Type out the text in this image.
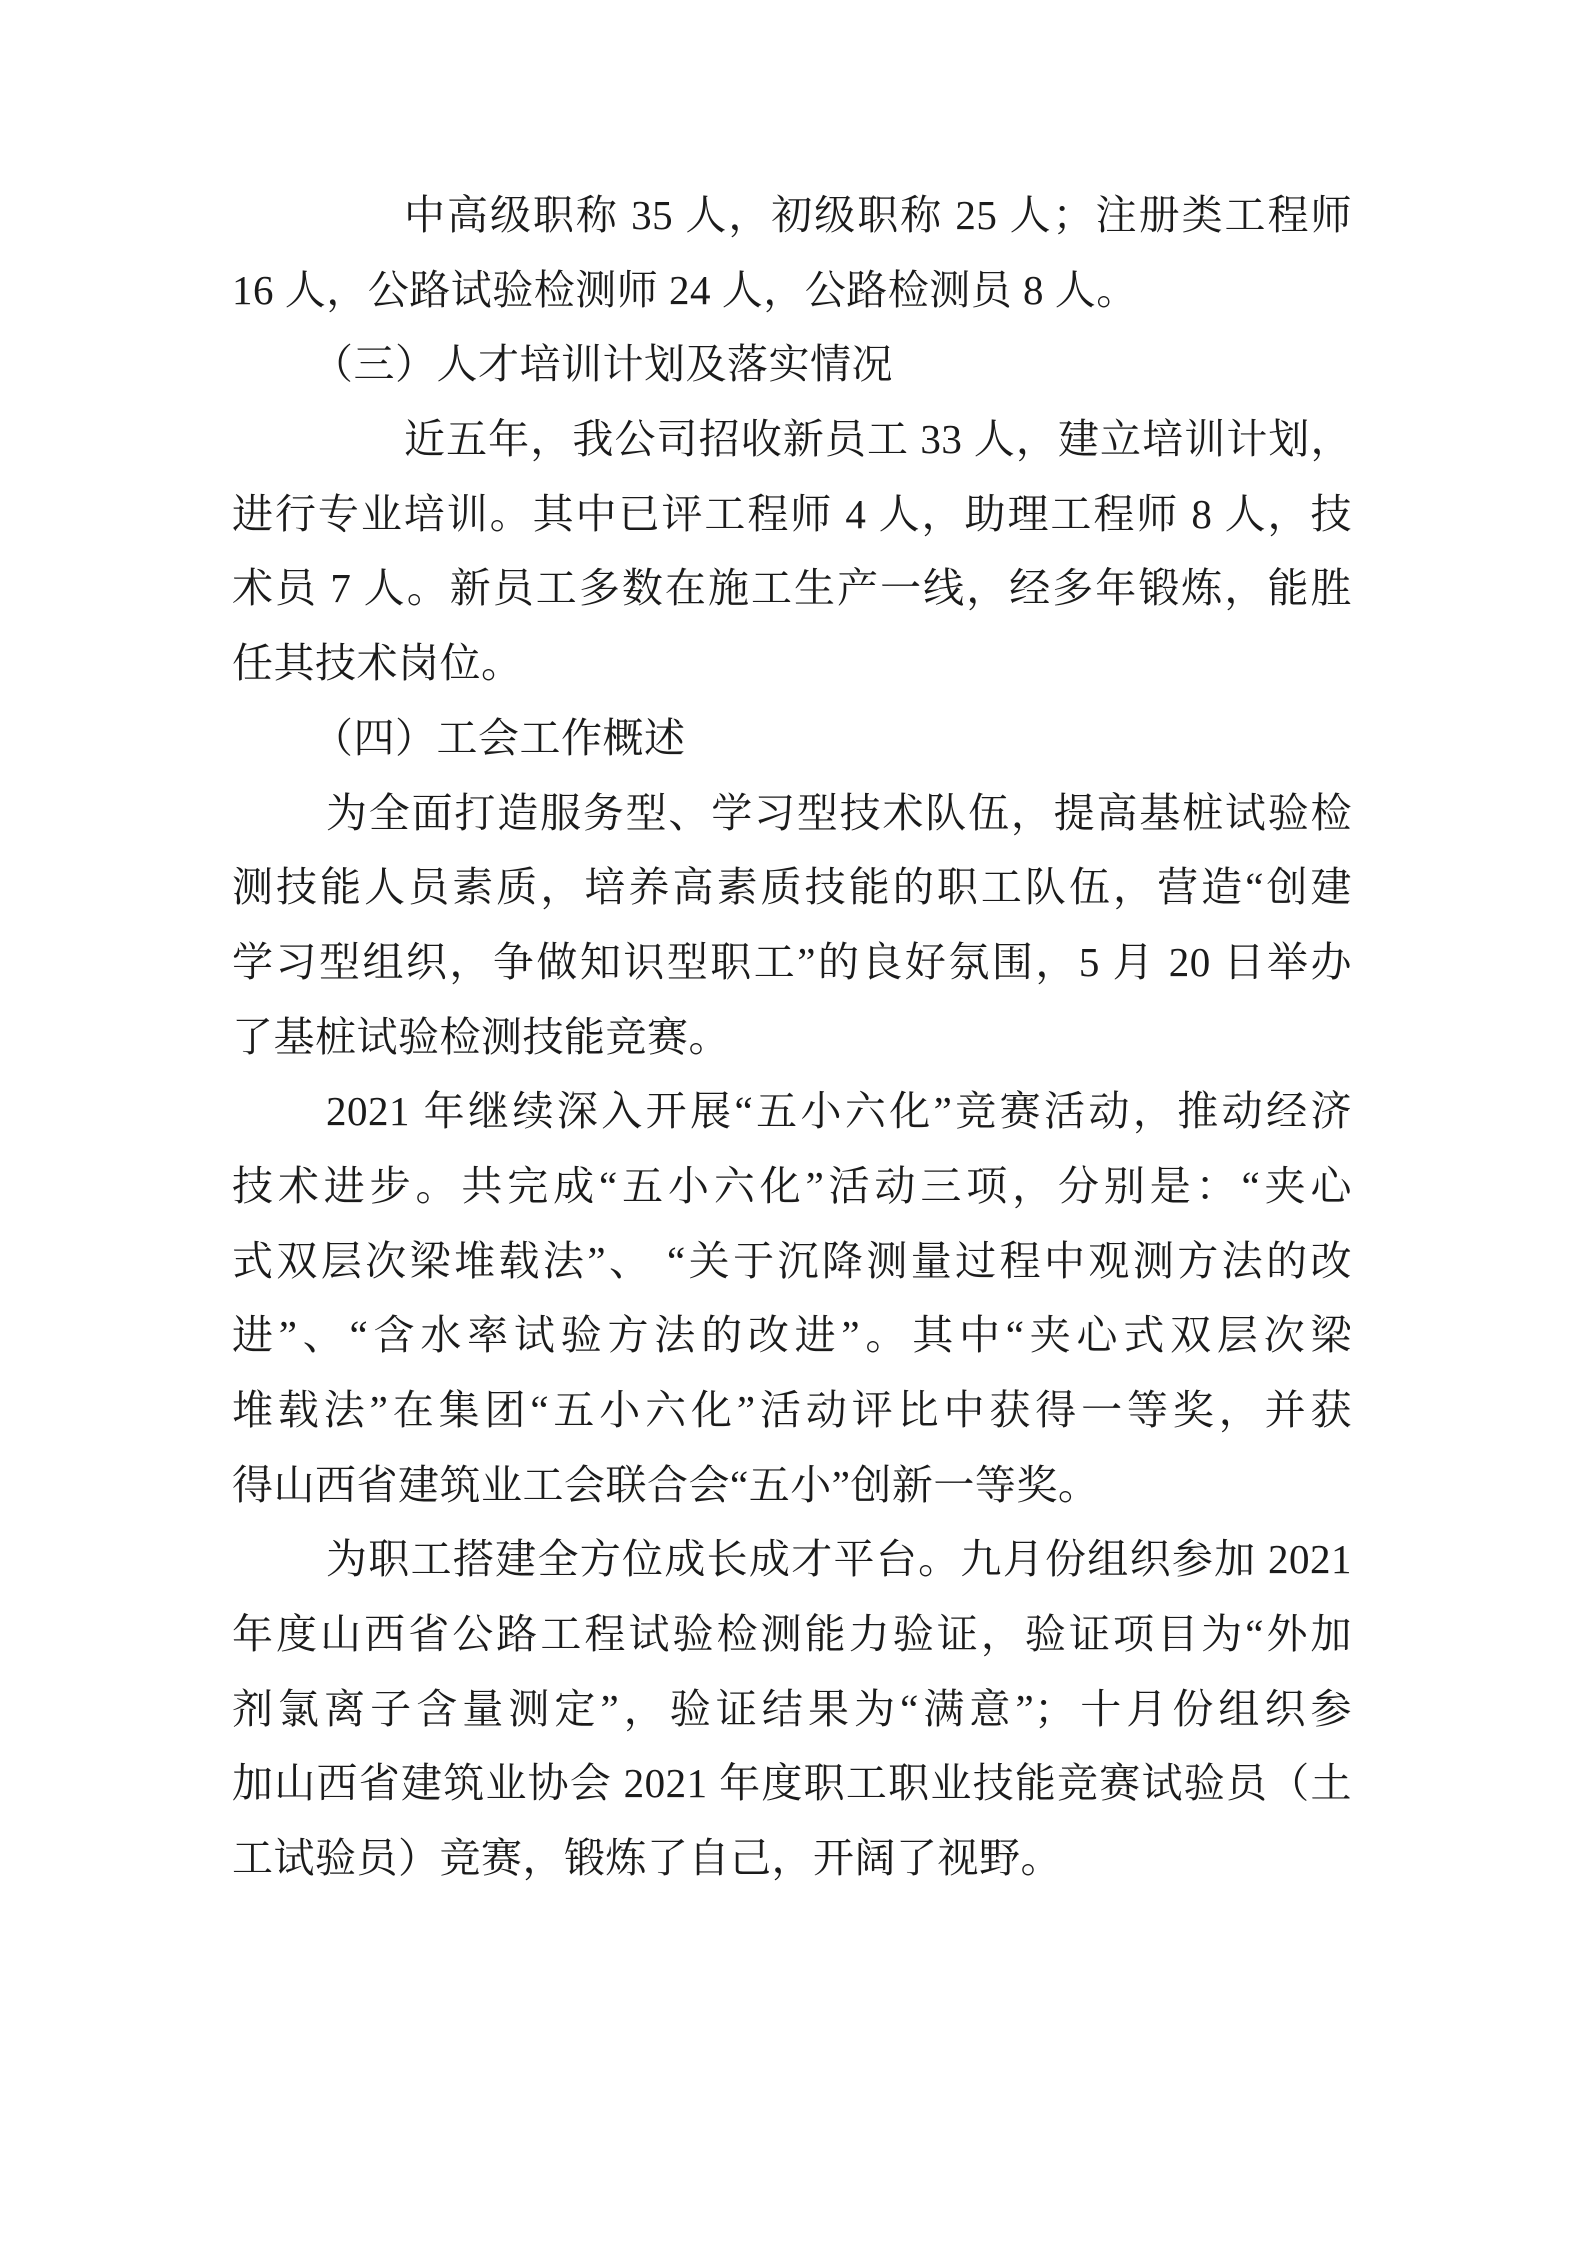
中高级职称 35 人，初级职称 25 人；注册类工程师
16 人，公路试验检测师 24 人，公路检测员 8 人。
（三）人才培训计划及落实情况
近五年，我公司招收新员工 33 人，建立培训计划，
进行专业培训。其中已评工程师 4 人，助理工程师 8 人，技
术员 7 人。新员工多数在施工生产一线，经多年锻炼，能胜
任其技术岗位。
（四）工会工作概述
为全面打造服务型、学习型技术队伍，提高基桩试验检
测技能人员素质，培养高素质技能的职工队伍，营造“创建
学习型组织，争做知识型职工”的良好氛围，5 月 20 日举办
了基桩试验检测技能竞赛。
2021 年继续深入开展“五小六化”竞赛活动，推动经济
技术进步。共完成“五小六化”活动三项，分别是：“夹心
式双层次梁堆载法”、 “关于沉降测量过程中观测方法的改
进”、“含水率试验方法的改进”。其中“夹心式双层次梁
堆载法”在集团“五小六化”活动评比中获得一等奖，并获
得山西省建筑业工会联合会“五小”创新一等奖。
为职工搭建全方位成长成才平台。九月份组织参加 2021
年度山西省公路工程试验检测能力验证，验证项目为“外加
剂氯离子含量测定”，验证结果为“满意”；十月份组织参
加山西省建筑业协会 2021 年度职工职业技能竞赛试验员（土
工试验员）竞赛，锻炼了自己，开阔了视野。
